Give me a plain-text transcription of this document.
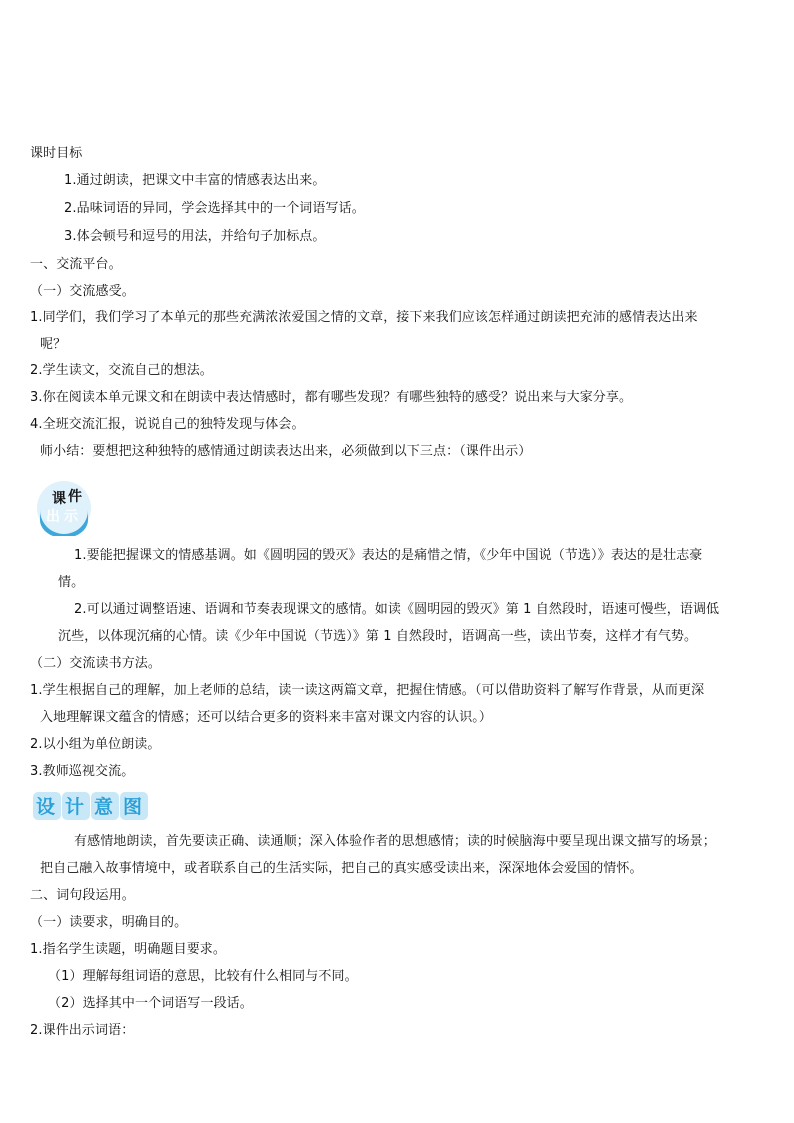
课时目标
1.通过朗读，把课文中丰富的情感表达出来。
2.品味词语的异同，学会选择其中的一个词语写话。
3.体会顿号和逗号的用法，并给句子加标点。
一、交流平台。
（一）交流感受。
1.同学们，我们学习了本单元的那些充满浓浓爱国之情的文章，接下来我们应该怎样通过朗读把充沛的感情表达出来
呢？
2.学生读文，交流自己的想法。
3.你在阅读本单元课文和在朗读中表达情感时，都有哪些发现？有哪些独特的感受？说出来与大家分享。
4.全班交流汇报，说说自己的独特发现与体会。
师小结：要想把这种独特的感情通过朗读表达出来，必须做到以下三点：（课件出示）
课 件
出 示
1.要能把握课文的情感基调。如《圆明园的毁灭》表达的是痛惜之情，《少年中国说（节选）》表达的是壮志豪
情。
2.可以通过调整语速、语调和节奏表现课文的感情。如读《圆明园的毁灭》第 1 自然段时，语速可慢些，语调低
沉些，以体现沉痛的心情。读《少年中国说（节选）》第 1 自然段时，语调高一些，读出节奏，这样才有气势。
（二）交流读书方法。
1.学生根据自己的理解，加上老师的总结，读一读这两篇文章，把握住情感。（可以借助资料了解写作背景，从而更深
入地理解课文蕴含的情感；还可以结合更多的资料来丰富对课文内容的认识。）
2.以小组为单位朗读。
3.教师巡视交流。
设 计 意 图
有感情地朗读，首先要读正确、读通顺；深入体验作者的思想感情；读的时候脑海中要呈现出课文描写的场景；
把自己融入故事情境中，或者联系自己的生活实际，把自己的真实感受读出来，深深地体会爱国的情怀。
二、词句段运用。
（一）读要求，明确目的。
1.指名学生读题，明确题目要求。
（1）理解每组词语的意思，比较有什么相同与不同。
（2）选择其中一个词语写一段话。
2.课件出示词语：
